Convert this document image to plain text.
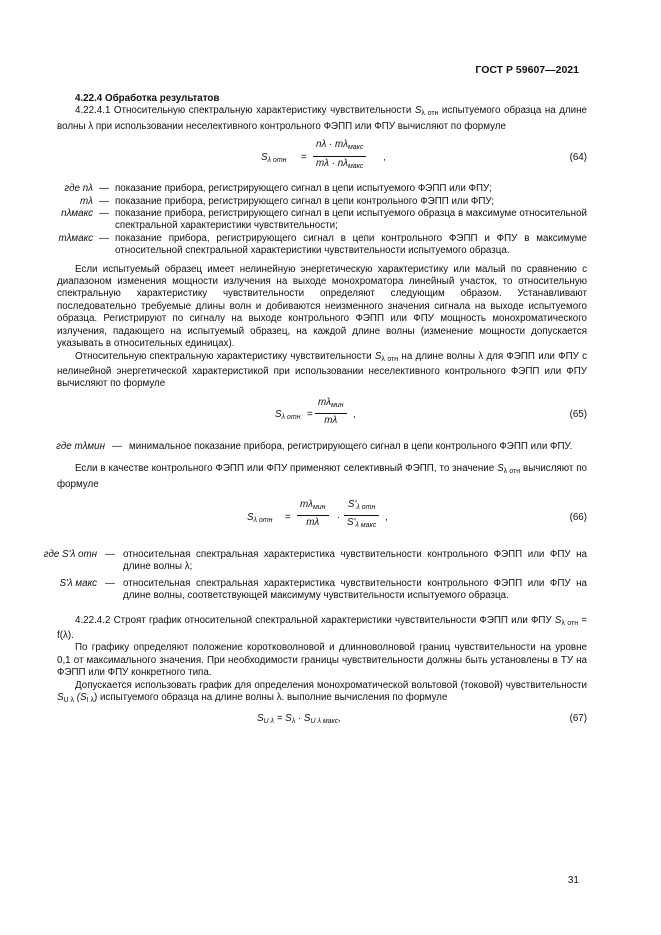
ГОСТ Р 59607—2021

4.22.4 Обработка результатов

4.22.4.1 Относительную спектральную характеристику чувствительности $S_{\lambda отн}$ испытуемого образца на длине волны λ при использовании неселективного контрольного ФЭПП или ФПУ вычисляют по формуле

$S_{\lambda отн}$ =
$n\lambda \cdot m\lambda_{макс}$
$m\lambda \cdot n\lambda_{макс}$
,	(64)
где nλ — показание прибора, регистрирующего сигнал в цепи испытуемого ФЭПП или ФПУ;
mλ — показание прибора, регистрирующего сигнал в цепи контрольного ФЭПП или ФПУ;
nλмакс — показание прибора, регистрирующего сигнал в цепи испытуемого образца в максимуме относительной спектральной характеристики чувствительности;
mλмакс — показание прибора, регистрирующего сигнал в цепи контрольного ФЭПП и ФПУ в максимуме относительной спектральной характеристики чувствительности испытуемого образца.

Если испытуемый образец имеет нелинейную энергетическую характеристику или малый по сравнению с диапазоном изменения мощности излучения на выходе монохроматора линейный участок, то относительную спектральную характеристику чувствительности определяют следующим образом. Устанавливают последовательно требуемые длины волн и добиваются неизменного значения сигнала на выходе испытуемого образца. Регистрируют по сигналу на выходе контрольного ФЭПП или ФПУ мощность монохроматического излучения, падающего на испытуемый образец, на каждой длине волны (изменение мощности допускается указывать в относительных единицах).

Относительную спектральную характеристику чувствительности $S_{\lambda отн}$ на длине волны λ для ФЭПП или ФПУ с нелинейной энергетической характеристикой при использовании неселективного контрольного ФЭПП или ФПУ вычисляют по формуле

$S_{\lambda отн}$ =
$m\lambda_{мин}$
mλ
,	(65)
где mλмин — минимальное показание прибора, регистрирующего сигнал в цепи контрольного ФЭПП или ФПУ.

Если в качестве контрольного ФЭПП или ФПУ применяют селективный ФЭПП, то значение $S_{\lambda отн}$ вычисляют по формуле

$S_{\lambda отн}$ =
$m\lambda_{мин}$
mλ	·
$S'_{\lambda отн}$
$S'_{\lambda макс}$
,	(66)
где S'λ отн — относительная спектральная характеристика чувствительности контрольного ФЭПП или ФПУ на длине волны λ;
S'λ макс — относительная спектральная характеристика чувствительности контрольного ФЭПП или ФПУ на длине волны, соответствующей максимуму чувствительности испытуемого образца.

4.22.4.2 Строят график относительной спектральной характеристики чувствительности ФЭПП или ФПУ $S_{\lambda отн} = f(\lambda)$.

По графику определяют положение коротковолновой и длинноволновой границ чувствительности на уровне 0,1 от максимального значения. При необходимости границы чувствительности должны быть установлены в ТУ на ФЭПП или ФПУ конкретного типа.

Допускается использовать график для определения монохроматической вольтовой (токовой) чувствительности $S_{U \lambda}$ $(S_{I \lambda})$ испытуемого образца на длине волны λ. выполние вычисления по формуле

$S_{U \lambda} = S_\lambda \cdot S_{U \lambda макс}$,	(67)
31
